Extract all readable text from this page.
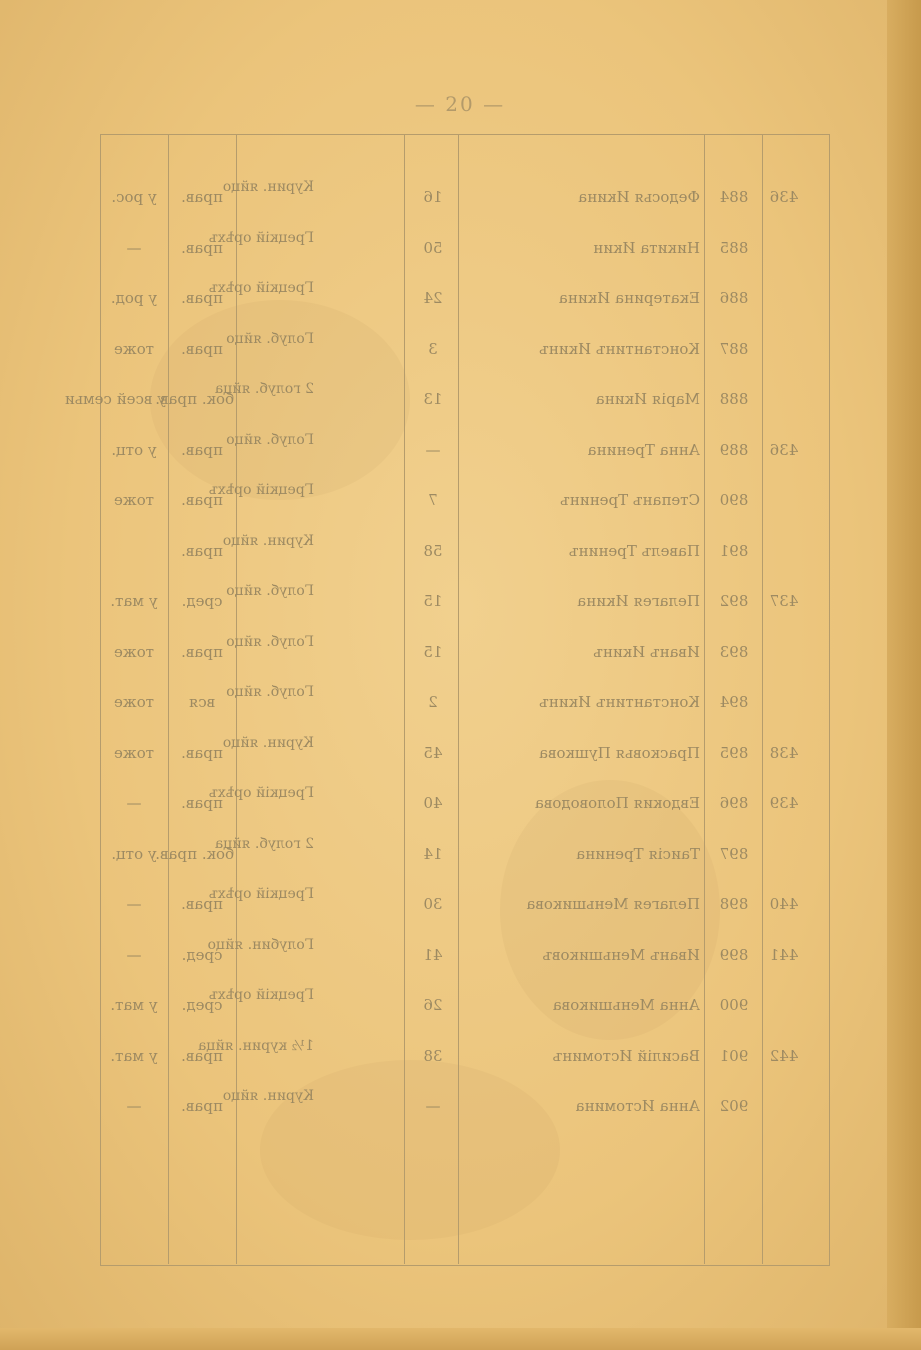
— 20 —
436
884
Федосья Икина
16
Курин. яйцо
прав.
у рос.
885
Никита Икин
50
Грецкiй орѣхъ
прав.
—
886
Екатерина Икина
24
Грецкiй орѣхъ
прав.
у род.
887
Константинъ Икинъ
3
Голуб. яйцо
прав.
тоже
888
Марiя Икина
13
2 голуб. яйца
бок. прав.
у всей семьи
436
889
Анна Тренина
—
Голуб. яйцо
прав.
у отц.
890
Степанъ Тренинъ
7
Грецкiй орѣхъ
прав.
тоже
891
Павелъ Тренинъ
58
Курин. яйцо
прав.
437
892
Пелагея Икина
15
Голуб. яйцо
сред.
у мат.
893
Иванъ Икинъ
15
Голуб. яйцо
прав.
тоже
894
Константинъ Икинъ
2
Голуб. яйцо
вся
тоже
438
895
Прасковья Пушкова
45
Курин. яйцо
прав.
тоже
439
896
Евдокия Половодова
40
Грецкiй орѣхъ
прав.
—
897
Таисiя Тренина
14
2 голуб. яйца
бок. прав.
у отц.
440
898
Пелагея Меньшикова
30
Грецкiй орѣхъ
прав.
—
441
899
Иванъ Меньшиковъ
41
Голубин. яйцо
сред.
—
900
Анна Меньшикова
26
Грецкiй орѣхъ
сред.
у мат.
442
901
Василiй Истоминъ
38
1½ курин. яйца
прав.
у мат.
902
Анна Истомина
—
Курин. яйцо
прав.
—
